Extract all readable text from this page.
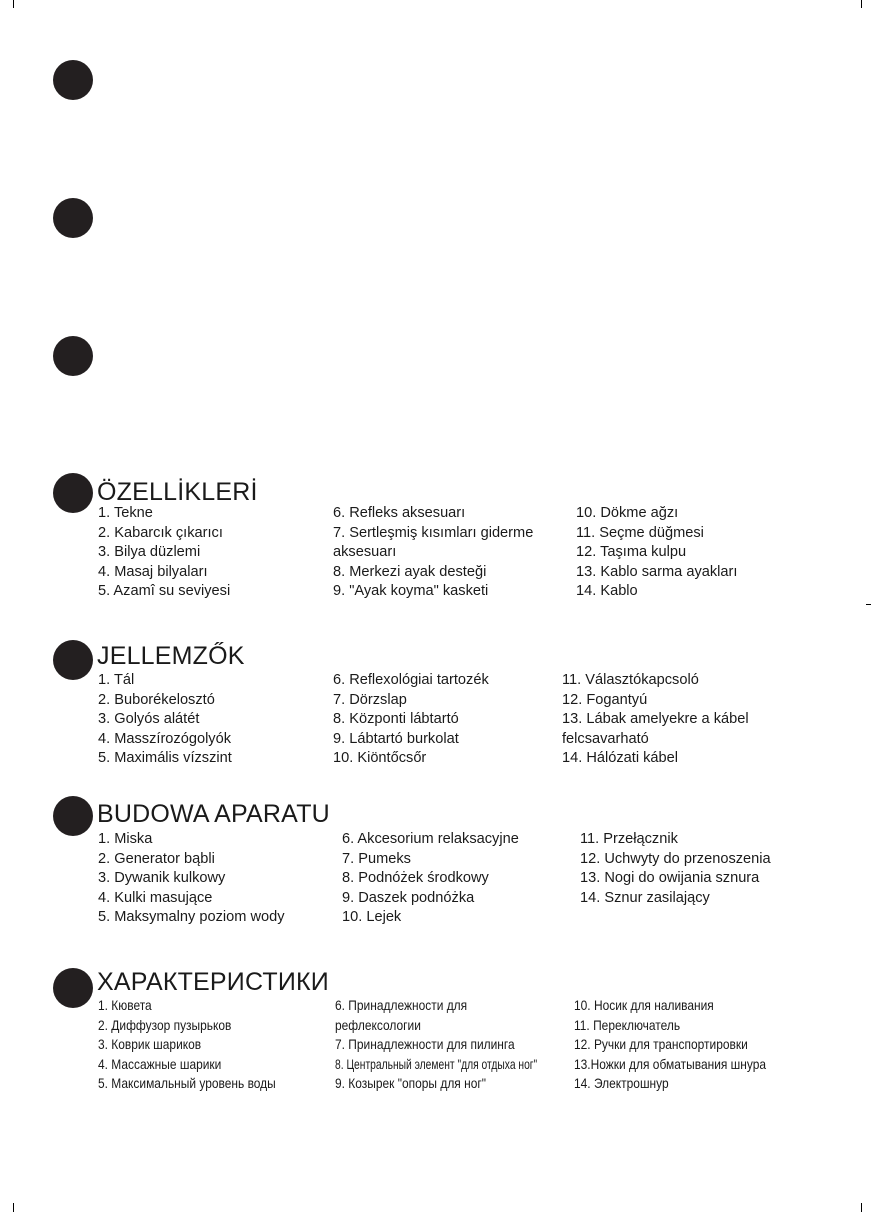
ÖZELLİKLERİ
1. Tekne
2. Kabarcık çıkarıcı
3. Bilya düzlemi
4. Masaj bilyaları
5. Azamî su seviyesi
6. Refleks aksesuarı
7. Sertleşmiş kısımları giderme
aksesuarı
8. Merkezi ayak desteği
9. "Ayak koyma" kasketi
10. Dökme ağzı
11. Seçme düğmesi
12. Taşıma kulpu
13. Kablo sarma ayakları
14. Kablo
JELLEMZŐK
1. Tál
2. Buborékelosztó
3. Golyós alátét
4. Masszírozógolyók
5. Maximális vízszint
6. Reflexológiai tartozék
7. Dörzslap
8. Központi lábtartó
9. Lábtartó burkolat
10. Kiöntőcsőr
11. Választókapcsoló
12. Fogantyú
13. Lábak amelyekre a kábel
felcsavarható
14. Hálózati kábel
BUDOWA APARATU
1. Miska
2. Generator bąbli
3. Dywanik kulkowy
4. Kulki masujące
5. Maksymalny poziom wody
6. Akcesorium relaksacyjne
7. Pumeks
8. Podnóżek środkowy
9. Daszek podnóżka
10. Lejek
11. Przełącznik
12. Uchwyty do przenoszenia
13. Nogi do owijania sznura
14. Sznur zasilający
ХАРАКТЕРИСТИКИ
1. Кювета
2. Диффузор пузырьков
3. Коврик шариков
4. Массажные шарики
5. Максимальный уровень воды
6. Принадлежности для
рефлексологии
7. Принадлежности для пилинга
8. Центральный элемент "для отдыха ног"
9. Козырек "опоры для ног"
10. Носик для наливания
11. Переключатель
12. Ручки для транспортировки
13.Ножки для обматывания шнура
14. Электрошнур
